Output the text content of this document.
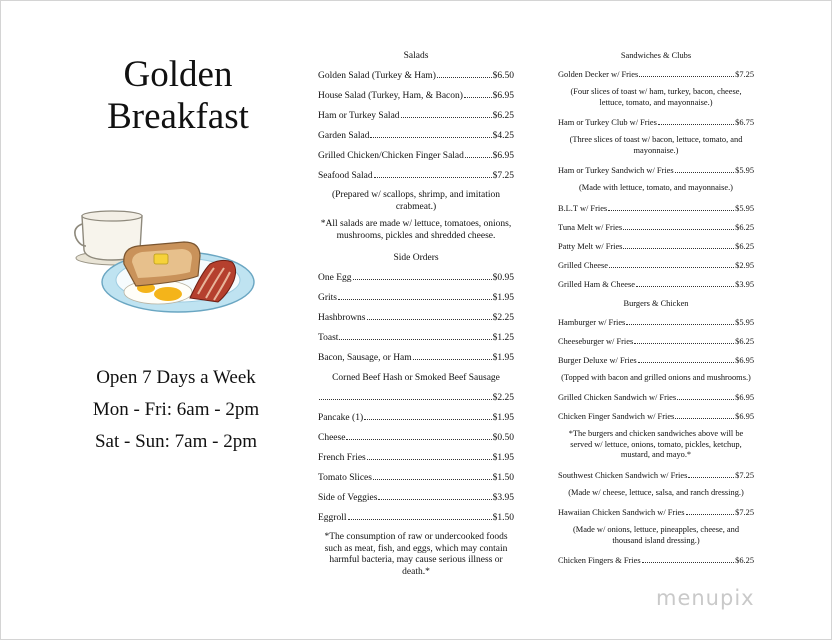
Golden
Breakfast
Open 7 Days a Week
Mon - Fri: 6am - 2pm
Sat - Sun: 7am - 2pm
Salads
Golden Salad (Turkey & Ham)	$6.50
House Salad (Turkey, Ham, & Bacon)	$6.95
Ham or Turkey Salad	$6.25
Garden Salad	$4.25
Grilled Chicken/Chicken Finger Salad	$6.95
Seafood Salad	$7.25
(Prepared w/ scallops, shrimp, and imitation crabmeat.)
*All salads are made w/ lettuce, tomatoes, onions, mushrooms, pickles and shredded cheese.
Side Orders
One Egg	$0.95
Grits	$1.95
Hashbrowns	$2.25
Toast	$1.25
Bacon, Sausage, or Ham	$1.95
Corned Beef Hash or Smoked Beef Sausage
$2.25
Pancake (1)	$1.95
Cheese	$0.50
French Fries	$1.95
Tomato Slices	$1.50
Side of Veggies	$3.95
Eggroll	$1.50
*The consumption of raw or undercooked foods such as meat, fish, and eggs, which may contain harmful bacteria, may cause serious illness or death.*
Sandwiches & Clubs
Golden Decker w/ Fries	$7.25
(Four slices of toast w/ ham, turkey, bacon, cheese, lettuce, tomato, and mayonnaise.)
Ham or Turkey Club w/ Fries	$6.75
(Three slices of toast w/ bacon, lettuce, tomato, and mayonnaise.)
Ham or Turkey Sandwich w/ Fries	$5.95
(Made with lettuce, tomato, and mayonnaise.)
B.L.T w/ Fries	$5.95
Tuna Melt w/ Fries	$6.25
Patty Melt w/ Fries	$6.25
Grilled Cheese	$2.95
Grilled Ham & Cheese	$3.95
Burgers & Chicken
Hamburger w/ Fries	$5.95
Cheeseburger w/ Fries	$6.25
Burger Deluxe w/ Fries	$6.95
(Topped with bacon and grilled onions and mushrooms.)
Grilled Chicken Sandwich w/ Fries	$6.95
Chicken Finger Sandwich w/ Fries	$6.95
*The burgers and chicken sandwiches above will be served w/ lettuce, onions, tomato, pickles, ketchup, mustard, and mayo.*
Southwest Chicken Sandwich w/ Fries	$7.25
(Made w/ cheese, lettuce, salsa, and ranch dressing.)
Hawaiian Chicken Sandwich w/ Fries	$7.25
(Made w/ onions, lettuce, pineapples, cheese, and thousand island dressing.)
Chicken Fingers & Fries	$6.25
menupix
